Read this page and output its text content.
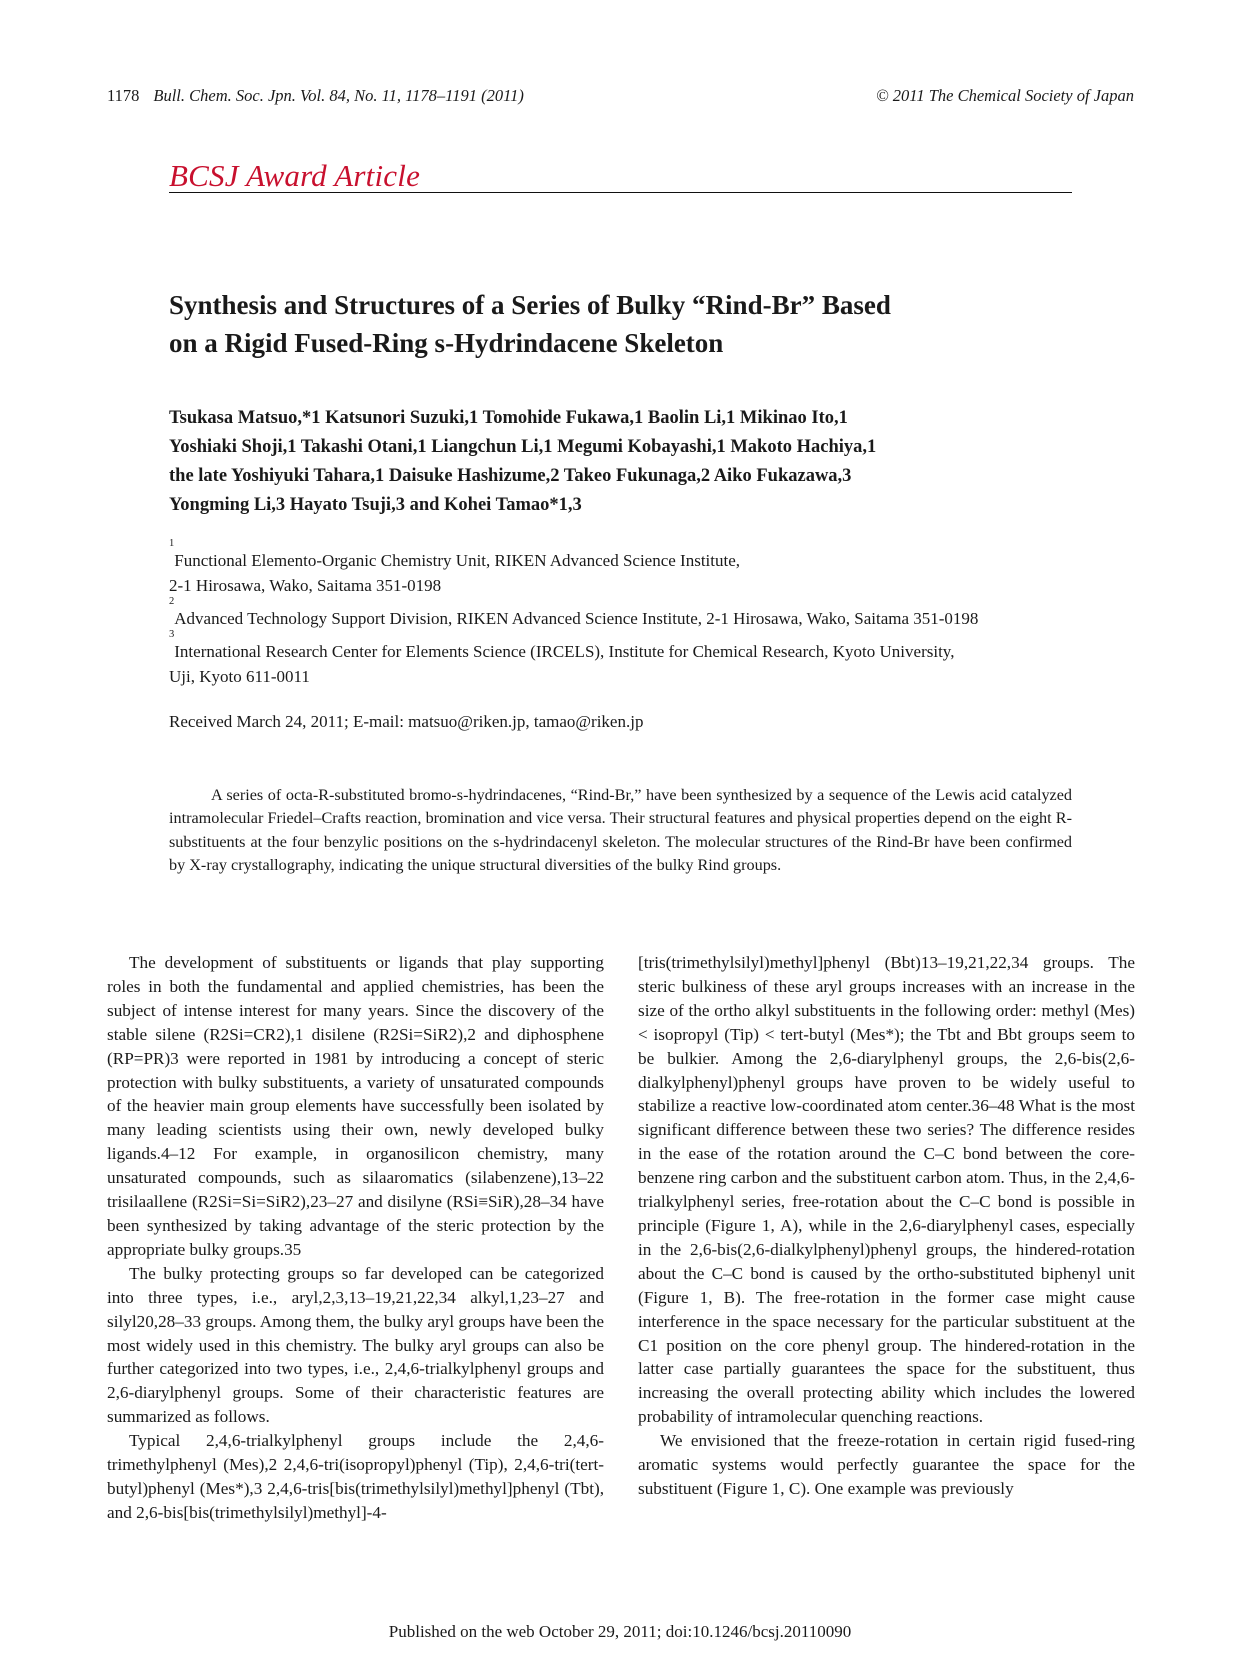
1178 Bull. Chem. Soc. Jpn. Vol. 84, No. 11, 1178–1191 (2011)	© 2011 The Chemical Society of Japan
BCSJ Award Article

Synthesis and Structures of a Series of Bulky “Rind-Br” Based

on a Rigid Fused-Ring s-Hydrindacene Skeleton

Tsukasa Matsuo,*1 Katsunori Suzuki,1 Tomohide Fukawa,1 Baolin Li,1 Mikinao Ito,1

Yoshiaki Shoji,1 Takashi Otani,1 Liangchun Li,1 Megumi Kobayashi,1 Makoto Hachiya,1

the late Yoshiyuki Tahara,1 Daisuke Hashizume,2 Takeo Fukunaga,2 Aiko Fukazawa,3

Yongming Li,3 Hayato Tsuji,3 and Kohei Tamao*1,3

$^1$Functional Elemento-Organic Chemistry Unit, RIKEN Advanced Science Institute,
2-1 Hirosawa, Wako, Saitama 351-0198

$^2$Advanced Technology Support Division, RIKEN Advanced Science Institute, 2-1 Hirosawa, Wako, Saitama 351-0198

$^3$International Research Center for Elements Science (IRCELS), Institute for Chemical Research, Kyoto University,
Uji, Kyoto 611-0011

Received March 24, 2011; E-mail: matsuo@riken.jp, tamao@riken.jp
A series of octa-R-substituted bromo-s-hydrindacenes, “Rind-Br,” have been synthesized by a sequence of the Lewis acid catalyzed intramolecular Friedel–Crafts reaction, bromination and vice versa. Their structural features and physical properties depend on the eight R-substituents at the four benzylic positions on the s-hydrindacenyl skeleton. The molecular structures of the Rind-Br have been confirmed by X-ray crystallography, indicating the unique structural diversities of the bulky Rind groups.

The development of substituents or ligands that play supporting roles in both the fundamental and applied chemistries, has been the subject of intense interest for many years. Since the discovery of the stable silene (R2Si=CR2),1 disilene (R2Si=SiR2),2 and diphosphene (RP=PR)3 were reported in 1981 by introducing a concept of steric protection with bulky substituents, a variety of unsaturated compounds of the heavier main group elements have successfully been isolated by many leading scientists using their own, newly developed bulky ligands.4–12 For example, in organosilicon chemistry, many unsaturated compounds, such as silaaromatics (silabenzene),13–22 trisilaallene (R2Si=Si=SiR2),23–27 and disilyne (RSi≡SiR),28–34 have been synthesized by taking advantage of the steric protection by the appropriate bulky groups.35

The bulky protecting groups so far developed can be categorized into three types, i.e., aryl,2,3,13–19,21,22,34 alkyl,1,23–27 and silyl20,28–33 groups. Among them, the bulky aryl groups have been the most widely used in this chemistry. The bulky aryl groups can also be further categorized into two types, i.e., 2,4,6-trialkylphenyl groups and 2,6-diarylphenyl groups. Some of their characteristic features are summarized as follows.

Typical 2,4,6-trialkylphenyl groups include the 2,4,6-trimethylphenyl (Mes),2 2,4,6-tri(isopropyl)phenyl (Tip), 2,4,6-tri(tert-butyl)phenyl (Mes*),3 2,4,6-tris[bis(trimethylsilyl)methyl]phenyl (Tbt), and 2,6-bis[bis(trimethylsilyl)methyl]-4-

[tris(trimethylsilyl)methyl]phenyl (Bbt)13–19,21,22,34 groups. The steric bulkiness of these aryl groups increases with an increase in the size of the ortho alkyl substituents in the following order: methyl (Mes) < isopropyl (Tip) < tert-butyl (Mes*); the Tbt and Bbt groups seem to be bulkier. Among the 2,6-diarylphenyl groups, the 2,6-bis(2,6-dialkylphenyl)phenyl groups have proven to be widely useful to stabilize a reactive low-coordinated atom center.36–48 What is the most significant difference between these two series? The difference resides in the ease of the rotation around the C–C bond between the core-benzene ring carbon and the substituent carbon atom. Thus, in the 2,4,6-trialkylphenyl series, free-rotation about the C–C bond is possible in principle (Figure 1, A), while in the 2,6-diarylphenyl cases, especially in the 2,6-bis(2,6-dialkylphenyl)phenyl groups, the hindered-rotation about the C–C bond is caused by the ortho-substituted biphenyl unit (Figure 1, B). The free-rotation in the former case might cause interference in the space necessary for the particular substituent at the C1 position on the core phenyl group. The hindered-rotation in the latter case partially guarantees the space for the substituent, thus increasing the overall protecting ability which includes the lowered probability of intramolecular quenching reactions.

We envisioned that the freeze-rotation in certain rigid fused-ring aromatic systems would perfectly guarantee the space for the substituent (Figure 1, C). One example was previously

Published on the web October 29, 2011; doi:10.1246/bcsj.20110090
